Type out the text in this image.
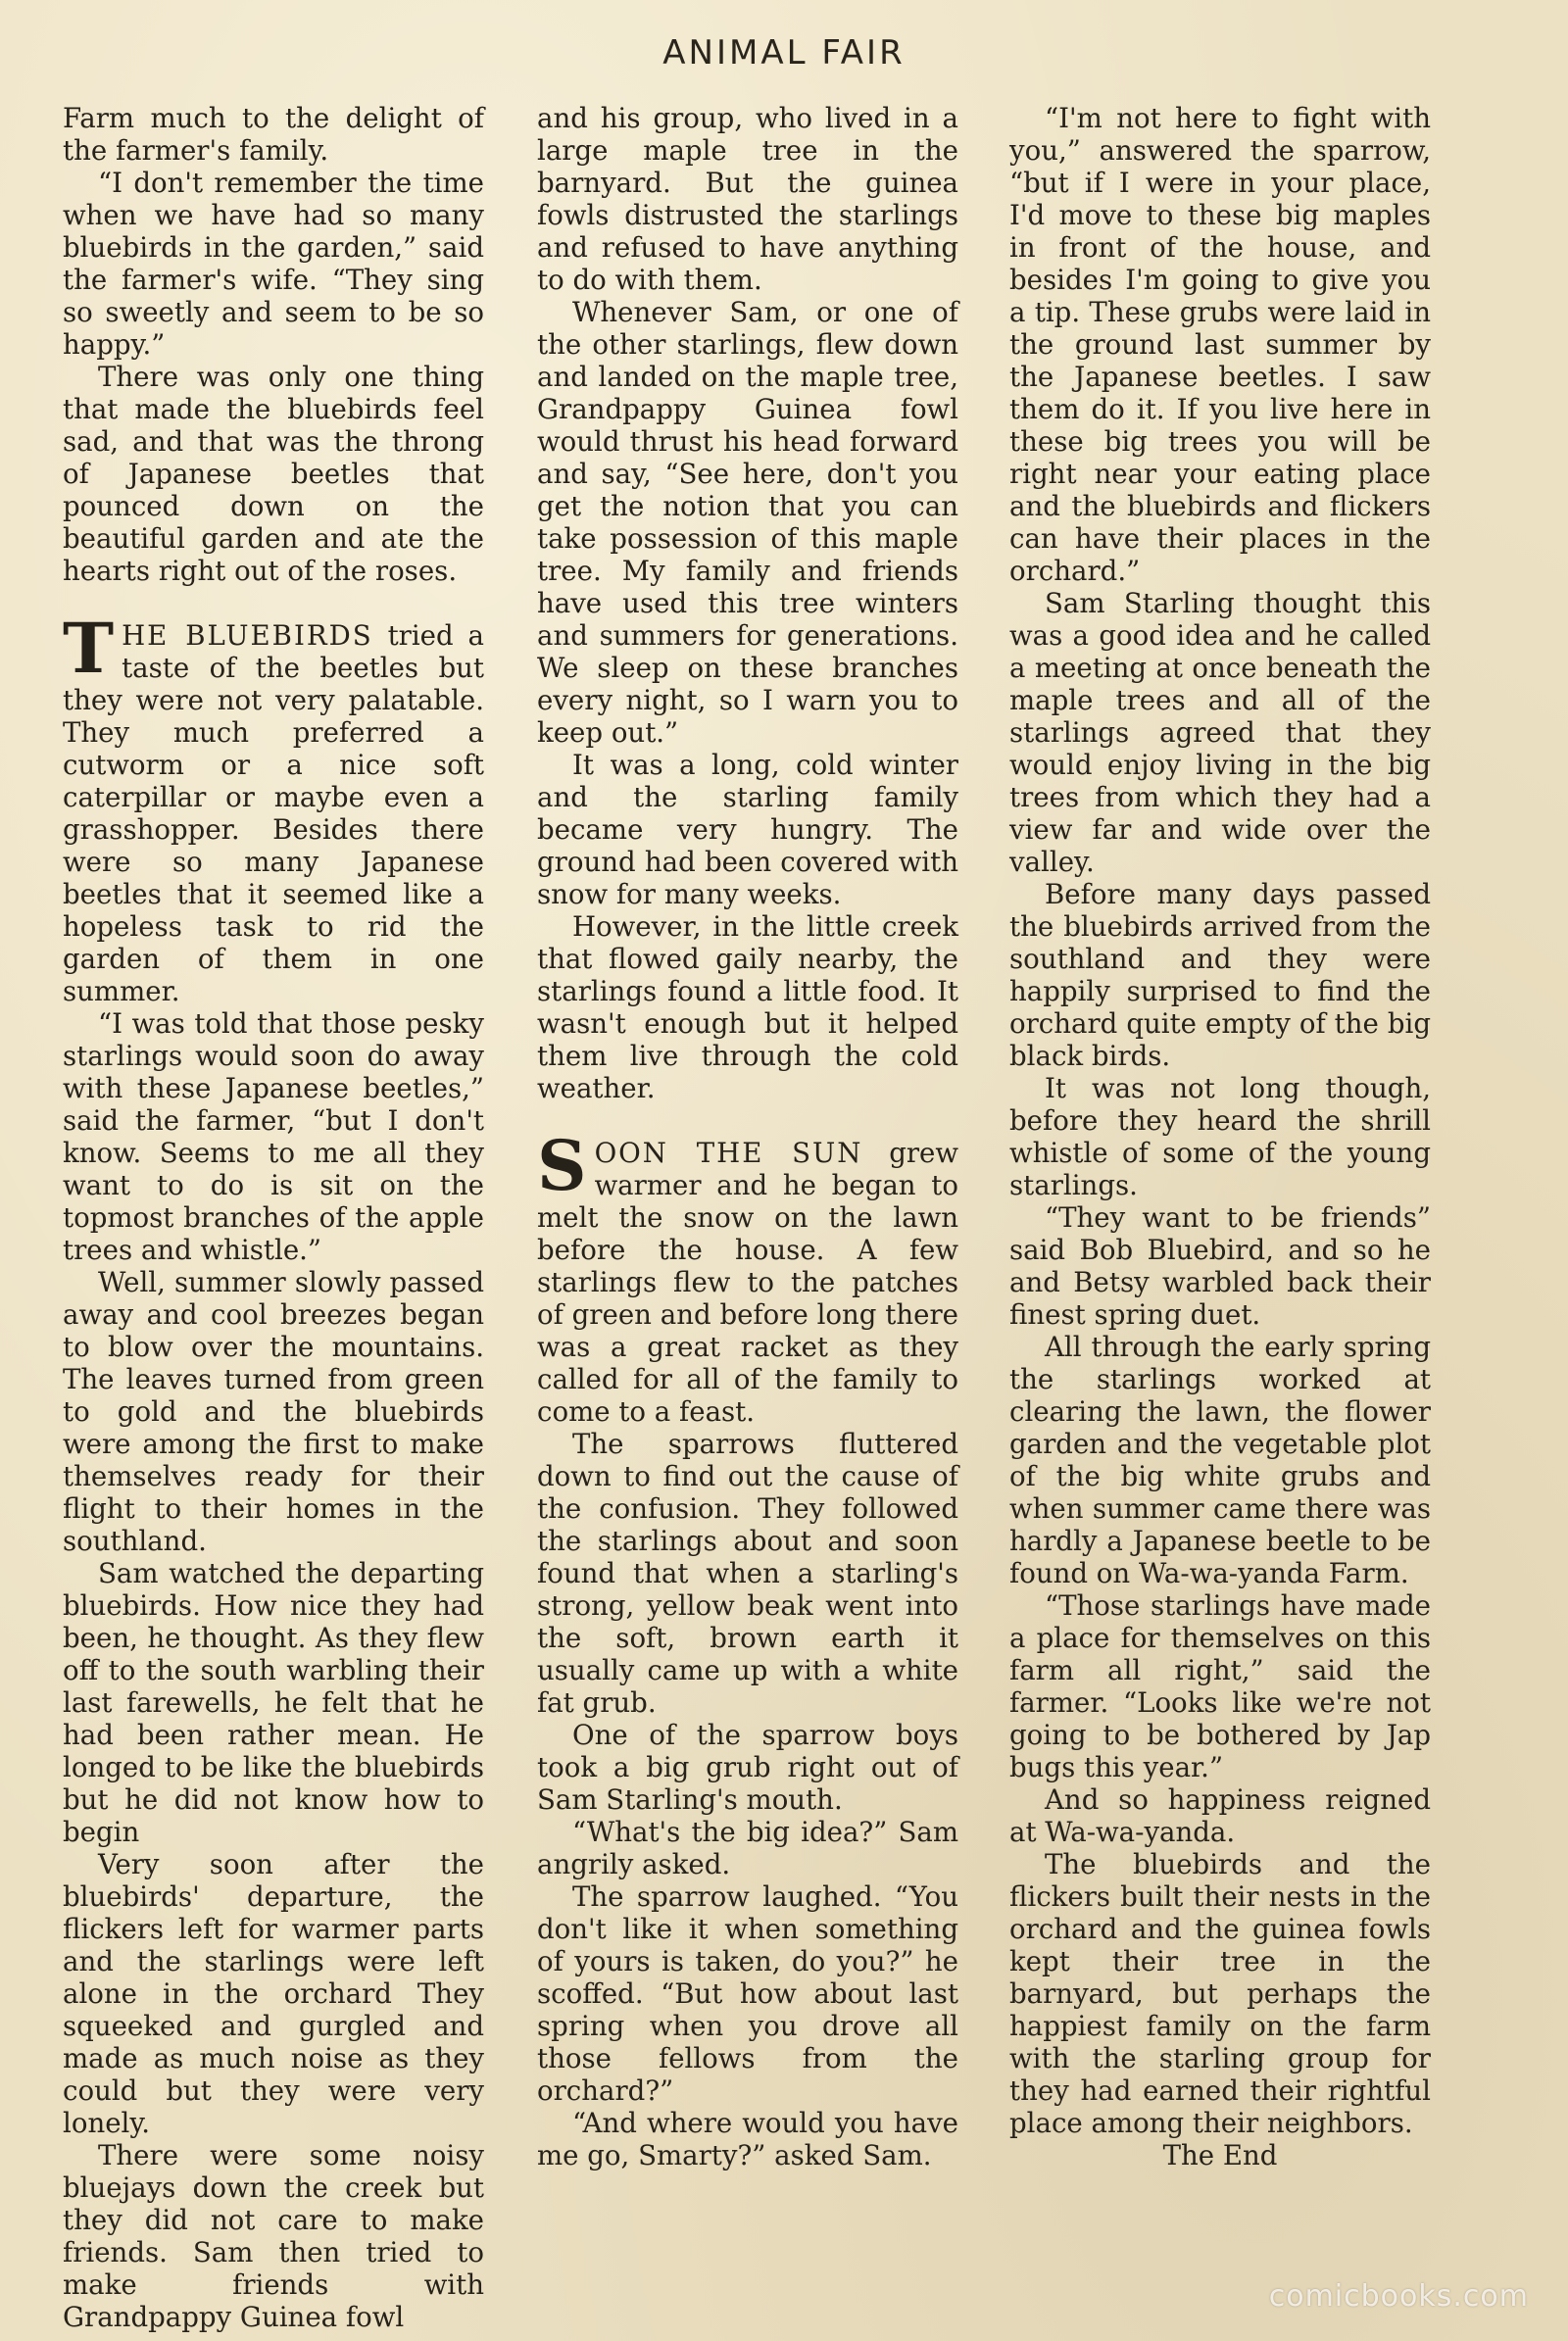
ANIMAL FAIR

Farm much to the delight of the farmer's family.

“I don't remember the time when we have had so many bluebirds in the garden,” said the farmer's wife. “They sing so sweetly and seem to be so happy.”

There was only one thing that made the bluebirds feel sad, and that was the throng of Japanese beetles that pounced down on the beautiful garden and ate the hearts right out of the roses.

THE BLUEBIRDS tried a taste of the beetles but they were not very palatable. They much preferred a cutworm or a nice soft caterpillar or maybe even a grasshopper. Besides there were so many Japanese beetles that it seemed like a hopeless task to rid the garden of them in one summer.

“I was told that those pesky starlings would soon do away with these Japanese beetles,” said the farmer, “but I don't know. Seems to me all they want to do is sit on the topmost branches of the apple trees and whistle.”

Well, summer slowly passed away and cool breezes began to blow over the mountains. The leaves turned from green to gold and the bluebirds were among the first to make themselves ready for their flight to their homes in the southland.

Sam watched the departing bluebirds. How nice they had been, he thought. As they flew off to the south warbling their last farewells, he felt that he had been rather mean. He longed to be like the bluebirds but he did not know how to begin

Very soon after the bluebirds' departure, the flickers left for warmer parts and the starlings were left alone in the orchard They squeeked and gurgled and made as much noise as they could but they were very lonely.

There were some noisy bluejays down the creek but they did not care to make friends. Sam then tried to make friends with Grandpappy Guinea fowl

and his group, who lived in a large maple tree in the barnyard. But the guinea fowls distrusted the starlings and refused to have anything to do with them.

Whenever Sam, or one of the other starlings, flew down and landed on the maple tree, Grandpappy Guinea fowl would thrust his head forward and say, “See here, don't you get the notion that you can take possession of this maple tree. My family and friends have used this tree winters and summers for generations. We sleep on these branches every night, so I warn you to keep out.”

It was a long, cold winter and the starling family became very hungry. The ground had been covered with snow for many weeks.

However, in the little creek that flowed gaily nearby, the starlings found a little food. It wasn't enough but it helped them live through the cold weather.

SOON THE SUN grew warmer and he began to melt the snow on the lawn before the house. A few starlings flew to the patches of green and before long there was a great racket as they called for all of the family to come to a feast.

The sparrows fluttered down to find out the cause of the confusion. They followed the starlings about and soon found that when a starling's strong, yellow beak went into the soft, brown earth it usually came up with a white fat grub.

One of the sparrow boys took a big grub right out of Sam Starling's mouth.

“What's the big idea?” Sam angrily asked.

The sparrow laughed. “You don't like it when something of yours is taken, do you?” he scoffed. “But how about last spring when you drove all those fellows from the orchard?”

“And where would you have me go, Smarty?” asked Sam.

“I'm not here to fight with you,” answered the sparrow, “but if I were in your place, I'd move to these big maples in front of the house, and besides I'm going to give you a tip. These grubs were laid in the ground last summer by the Japanese beetles. I saw them do it. If you live here in these big trees you will be right near your eating place and the bluebirds and flickers can have their places in the orchard.”

Sam Starling thought this was a good idea and he called a meeting at once beneath the maple trees and all of the starlings agreed that they would enjoy living in the big trees from which they had a view far and wide over the valley.

Before many days passed the bluebirds arrived from the southland and they were happily surprised to find the orchard quite empty of the big black birds.

It was not long though, before they heard the shrill whistle of some of the young starlings.

“They want to be friends” said Bob Bluebird, and so he and Betsy warbled back their finest spring duet.

All through the early spring the starlings worked at clearing the lawn, the flower garden and the vegetable plot of the big white grubs and when summer came there was hardly a Japanese beetle to be found on Wa-wa-yanda Farm.

“Those starlings have made a place for themselves on this farm all right,” said the farmer. “Looks like we're not going to be bothered by Jap bugs this year.”

And so happiness reigned at Wa-wa-yanda.

The bluebirds and the flickers built their nests in the orchard and the guinea fowls kept their tree in the barnyard, but perhaps the happiest family on the farm with the starling group for they had earned their rightful place among their neighbors.

The End

comicbooks.com
